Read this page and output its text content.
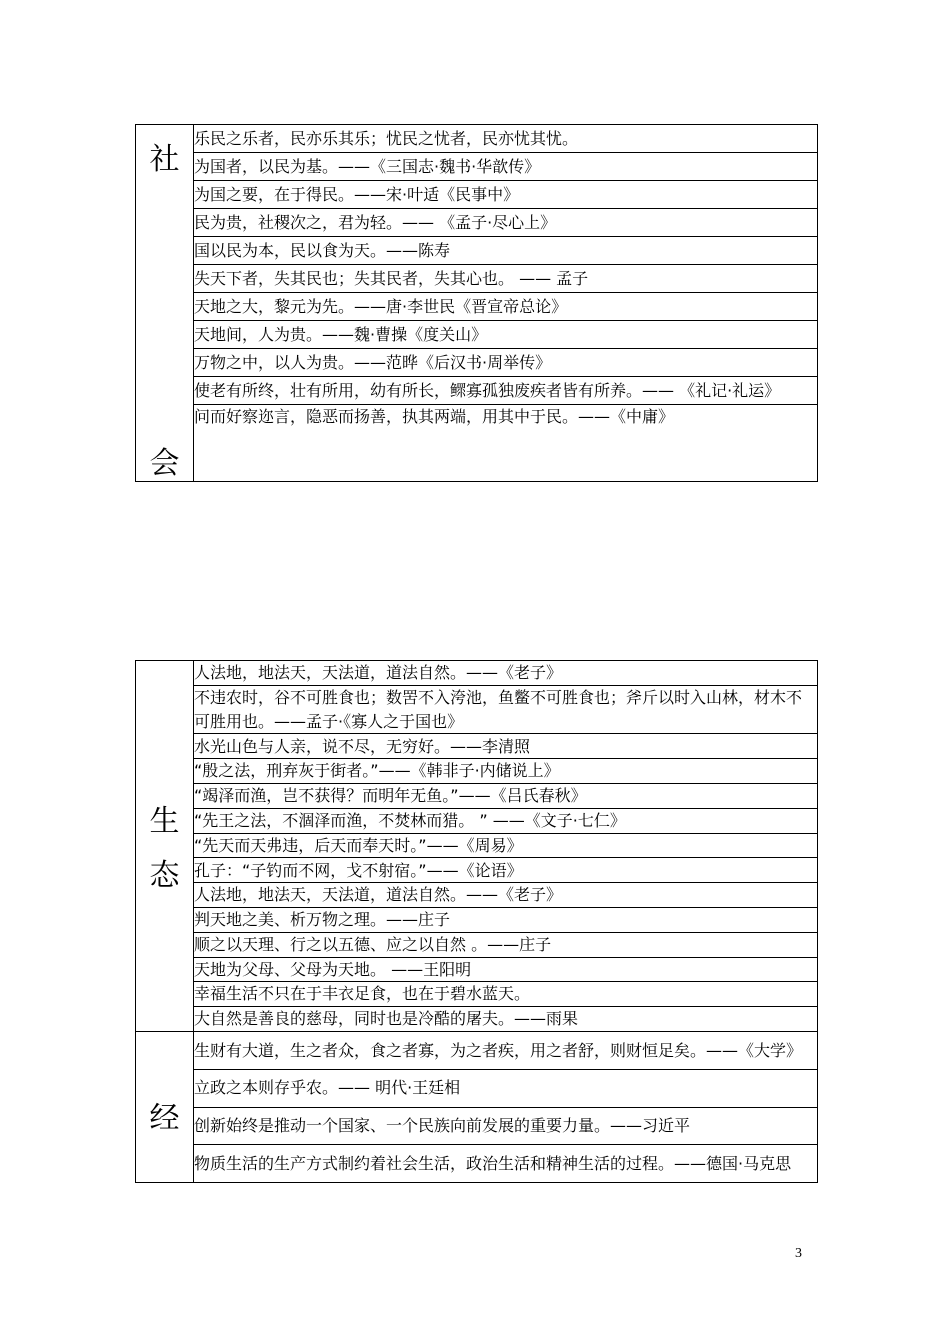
社
会
	乐民之乐者，民亦乐其乐；忧民之忧者，民亦忧其忧。
为国者，以民为基。——《三国志·魏书·华歆传》
为国之要，在于得民。——宋·叶适《民事中》
民为贵，社稷次之，君为轻。—— 《孟子·尽心上》
国以民为本，民以食为天。——陈寿
失天下者，失其民也；失其民者，失其心也。 —— 孟子
天地之大，黎元为先。——唐·李世民《晋宣帝总论》
天地间，人为贵。——魏·曹操《度关山》
万物之中，以人为贵。——范晔《后汉书·周举传》
使老有所终，壮有所用，幼有所长，鳏寡孤独废疾者皆有所养。—— 《礼记·礼运》
问而好察迩言，隐恶而扬善，执其两端，用其中于民。——《中庸》
生
态	人法地，地法天，天法道，道法自然。——《老子》
	不违农时，谷不可胜食也；数罟不入洿池，鱼鳖不可胜食也；斧斤以时入山林，材木不可胜用也。——孟子·《寡人之于国也》
	水光山色与人亲，说不尽，无穷好。——李清照
	“殷之法，刑弃灰于街者。”——《韩非子·内储说上》
	“竭泽而渔，岂不获得？而明年无鱼。”——《吕氏春秋》
	“先王之法，不涸泽而渔，不焚林而猎。 ” ——《文子·七仁》
	“先天而天弗违，后天而奉天时。”——《周易》
	孔子：“子钓而不网，戈不射宿。”——《论语》
	人法地，地法天，天法道，道法自然。——《老子》
	判天地之美、析万物之理。——庄子
	顺之以天理、行之以五德、应之以自然 。——庄子
	天地为父母、父母为天地。 ——王阳明
	幸福生活不只在于丰衣足食，也在于碧水蓝天。
	大自然是善良的慈母，同时也是冷酷的屠夫。——雨果

经	生财有大道，生之者众，食之者寡，为之者疾，用之者舒，则财恒足矣。——《大学》
	立政之本则存乎农。—— 明代·王廷相
	创新始终是推动一个国家、一个民族向前发展的重要力量。——习近平
	物质生活的生产方式制约着社会生活，政治生活和精神生活的过程。——德国·马克思
3
